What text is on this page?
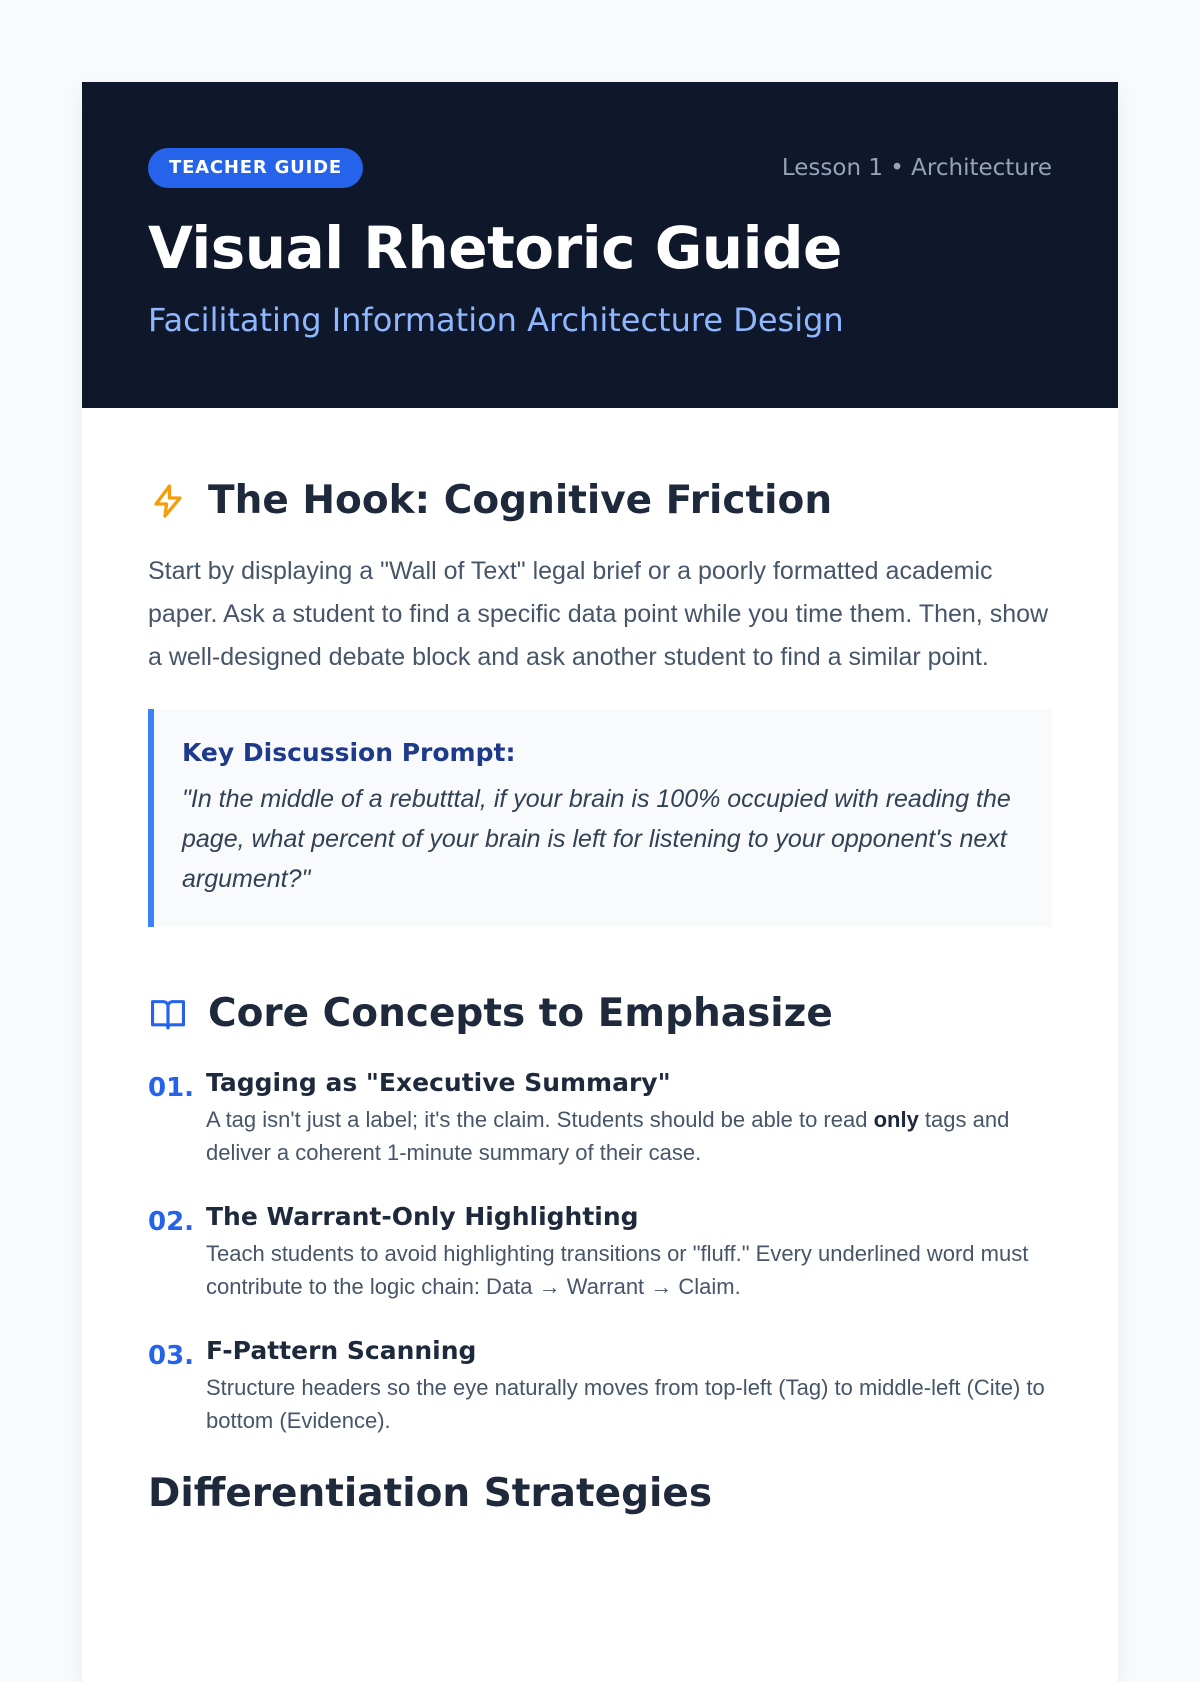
TEACHER GUIDE	Lesson 1 • Architecture
Visual Rhetoric Guide
Facilitating Information Architecture Design
The Hook: Cognitive Friction

Start by displaying a "Wall of Text" legal brief or a poorly formatted academic paper. Ask a student to find a specific data point while you time them. Then, show a well-designed debate block and ask another student to find a similar point.

Key Discussion Prompt:
"In the middle of a rebutttal, if your brain is 100% occupied with reading the page, what percent of your brain is left for listening to your opponent's next argument?"
Core Concepts to Emphasize
01. Tagging as "Executive Summary"
A tag isn't just a label; it's the claim. Students should be able to read only tags and deliver a coherent 1-minute summary of their case.
02. The Warrant-Only Highlighting
Teach students to avoid highlighting transitions or "fluff." Every underlined word must contribute to the logic chain: Data → Warrant → Claim.
03. F-Pattern Scanning
Structure headers so the eye naturally moves from top-left (Tag) to middle-left (Cite) to bottom (Evidence).
Differentiation Strategies
